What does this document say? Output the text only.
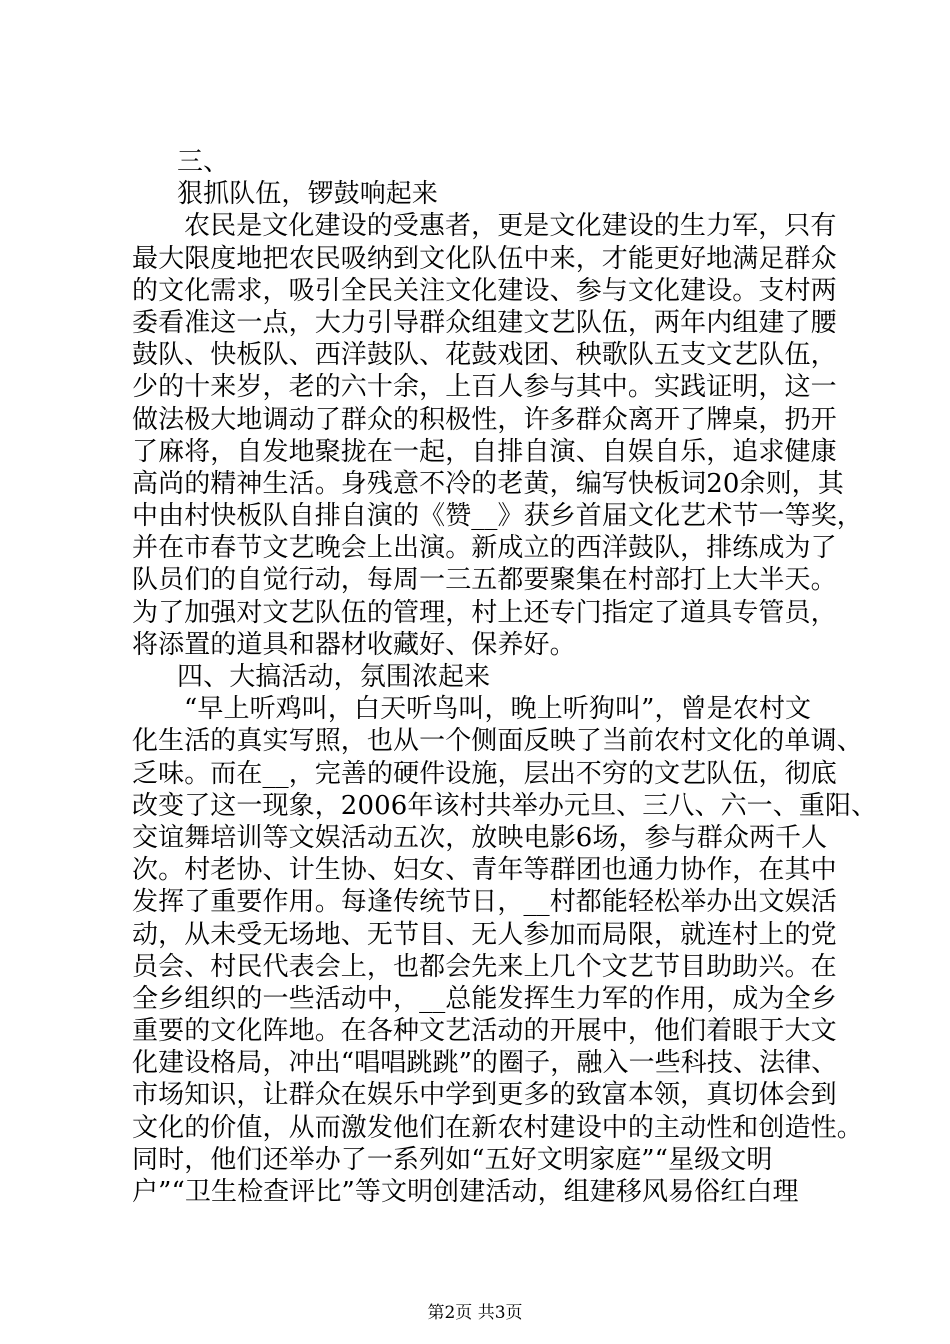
三、
狠抓队伍，锣鼓响起来
农民是文化建设的受惠者，更是文化建设的生力军，只有
最大限度地把农民吸纳到文化队伍中来，才能更好地满足群众
的文化需求，吸引全民关注文化建设、参与文化建设。支村两
委看准这一点，大力引导群众组建文艺队伍，两年内组建了腰
鼓队、快板队、西洋鼓队、花鼓戏团、秧歌队五支文艺队伍，
少的十来岁，老的六十余，上百人参与其中。实践证明，这一
做法极大地调动了群众的积极性，许多群众离开了牌桌，扔开
了麻将，自发地聚拢在一起，自排自演、自娱自乐，追求健康
高尚的精神生活。身残意不冷的老黄，编写快板词20余则，其
中由村快板队自排自演的《赞__》获乡首届文化艺术节一等奖，
并在市春节文艺晚会上出演。新成立的西洋鼓队，排练成为了
队员们的自觉行动，每周一三五都要聚集在村部打上大半天。
为了加强对文艺队伍的管理，村上还专门指定了道具专管员，
将添置的道具和器材收藏好、保养好。
四、大搞活动，氛围浓起来
“早上听鸡叫，白天听鸟叫，晚上听狗叫”，曾是农村文
化生活的真实写照，也从一个侧面反映了当前农村文化的单调、
乏味。而在__，完善的硬件设施，层出不穷的文艺队伍，彻底
改变了这一现象，2006年该村共举办元旦、三八、六一、重阳、
交谊舞培训等文娱活动五次，放映电影6场，参与群众两千人
次。村老协、计生协、妇女、青年等群团也通力协作，在其中
发挥了重要作用。每逢传统节日，__村都能轻松举办出文娱活
动，从未受无场地、无节目、无人参加而局限，就连村上的党
员会、村民代表会上，也都会先来上几个文艺节目助助兴。在
全乡组织的一些活动中，__总能发挥生力军的作用，成为全乡
重要的文化阵地。在各种文艺活动的开展中，他们着眼于大文
化建设格局，冲出“唱唱跳跳”的圈子，融入一些科技、法律、
市场知识，让群众在娱乐中学到更多的致富本领，真切体会到
文化的价值，从而激发他们在新农村建设中的主动性和创造性。
同时，他们还举办了一系列如“五好文明家庭”“星级文明
户”“卫生检查评比”等文明创建活动，组建移风易俗红白理
第2页 共3页
